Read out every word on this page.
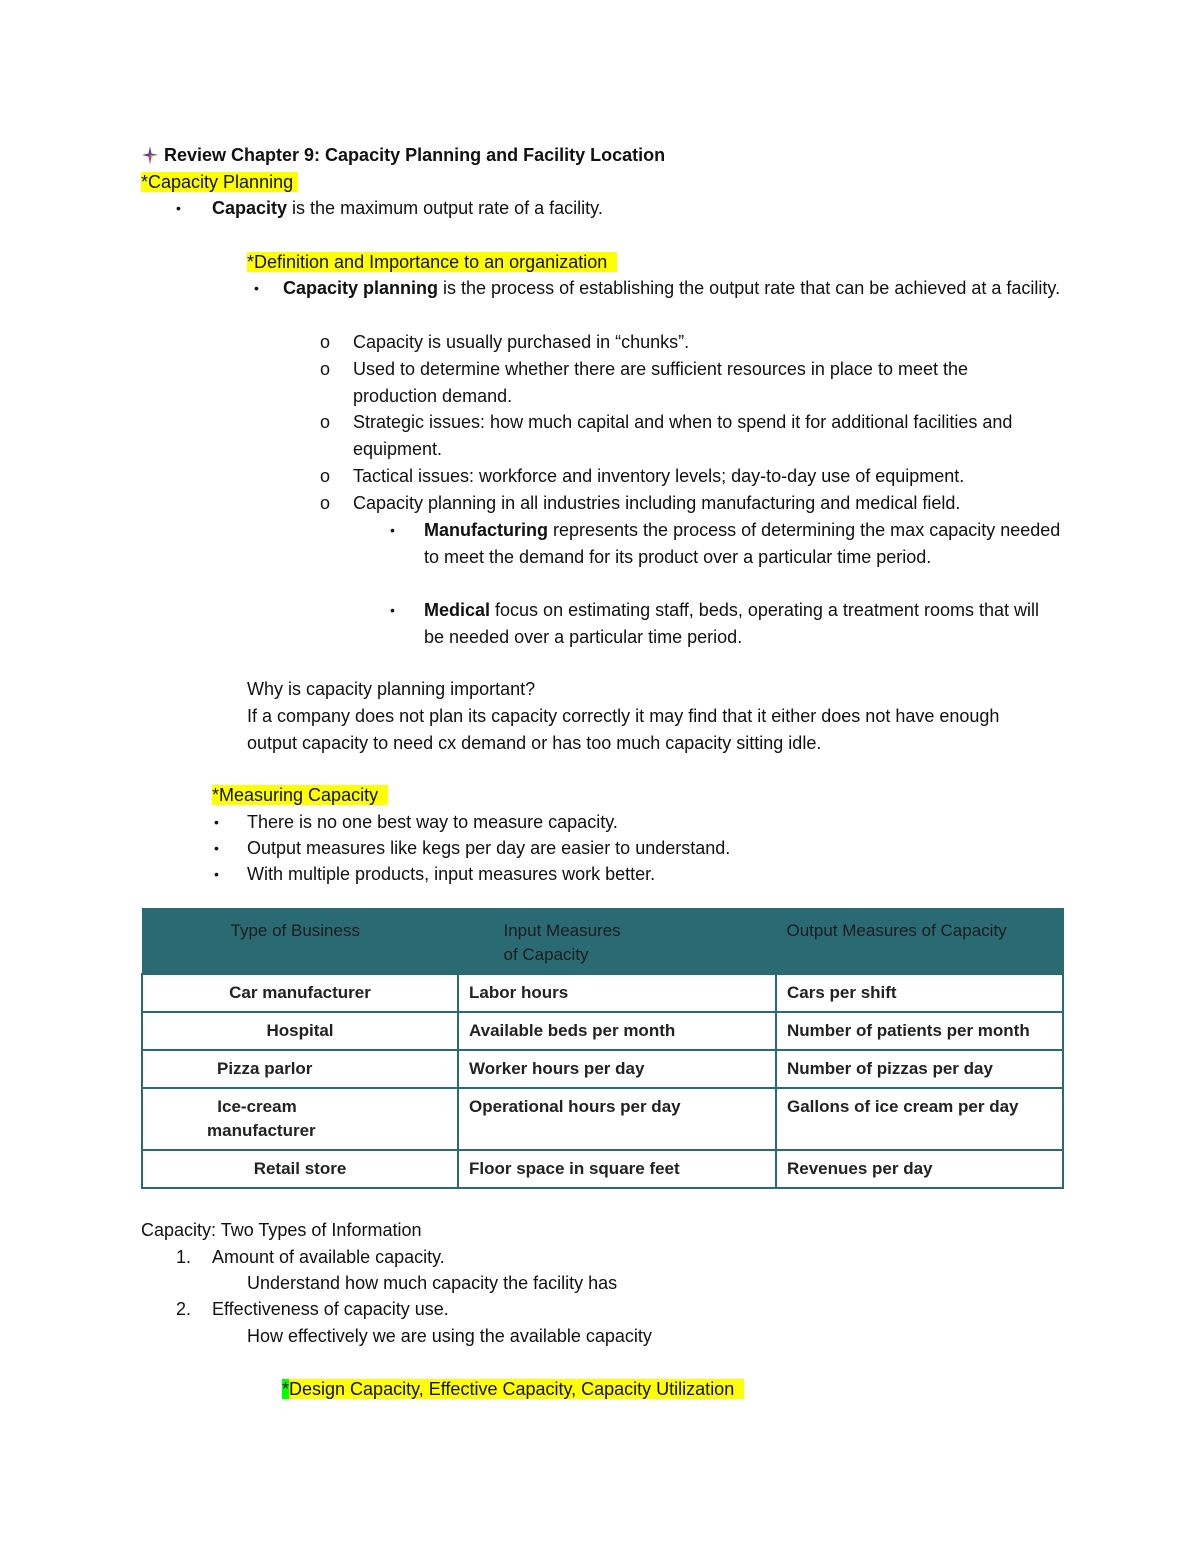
Review Chapter 9: Capacity Planning and Facility Location
*Capacity Planning
• Capacity is the maximum output rate of a facility.
*Definition and Importance to an organization
• Capacity planning is the process of establishing the output rate that can be achieved at a facility.
o Capacity is usually purchased in “chunks”.
o Used to determine whether there are sufficient resources in place to meet the production demand.
o Strategic issues: how much capital and when to spend it for additional facilities and equipment.
o Tactical issues: workforce and inventory levels; day-to-day use of equipment.
o Capacity planning in all industries including manufacturing and medical field.
• Manufacturing represents the process of determining the max capacity needed to meet the demand for its product over a particular time period.
• Medical focus on estimating staff, beds, operating a treatment rooms that will be needed over a particular time period.
Why is capacity planning important?
If a company does not plan its capacity correctly it may find that it either does not have enough output capacity to need cx demand or has too much capacity sitting idle.
*Measuring Capacity
• There is no one best way to measure capacity.
• Output measures like kegs per day are easier to understand.
• With multiple products, input measures work better.
Type of Business	Input Measures of Capacity	Output Measures of Capacity
Car manufacturer	Labor hours	Cars per shift
Hospital	Available beds per month	Number of patients per month
Pizza parlor	Worker hours per day	Number of pizzas per day
Ice-cream manufacturer	Operational hours per day	Gallons of ice cream per day
Retail store	Floor space in square feet	Revenues per day
Capacity: Two Types of Information
1. Amount of available capacity.
Understand how much capacity the facility has
2. Effectiveness of capacity use.
How effectively we are using the available capacity
*Design Capacity, Effective Capacity, Capacity Utilization
